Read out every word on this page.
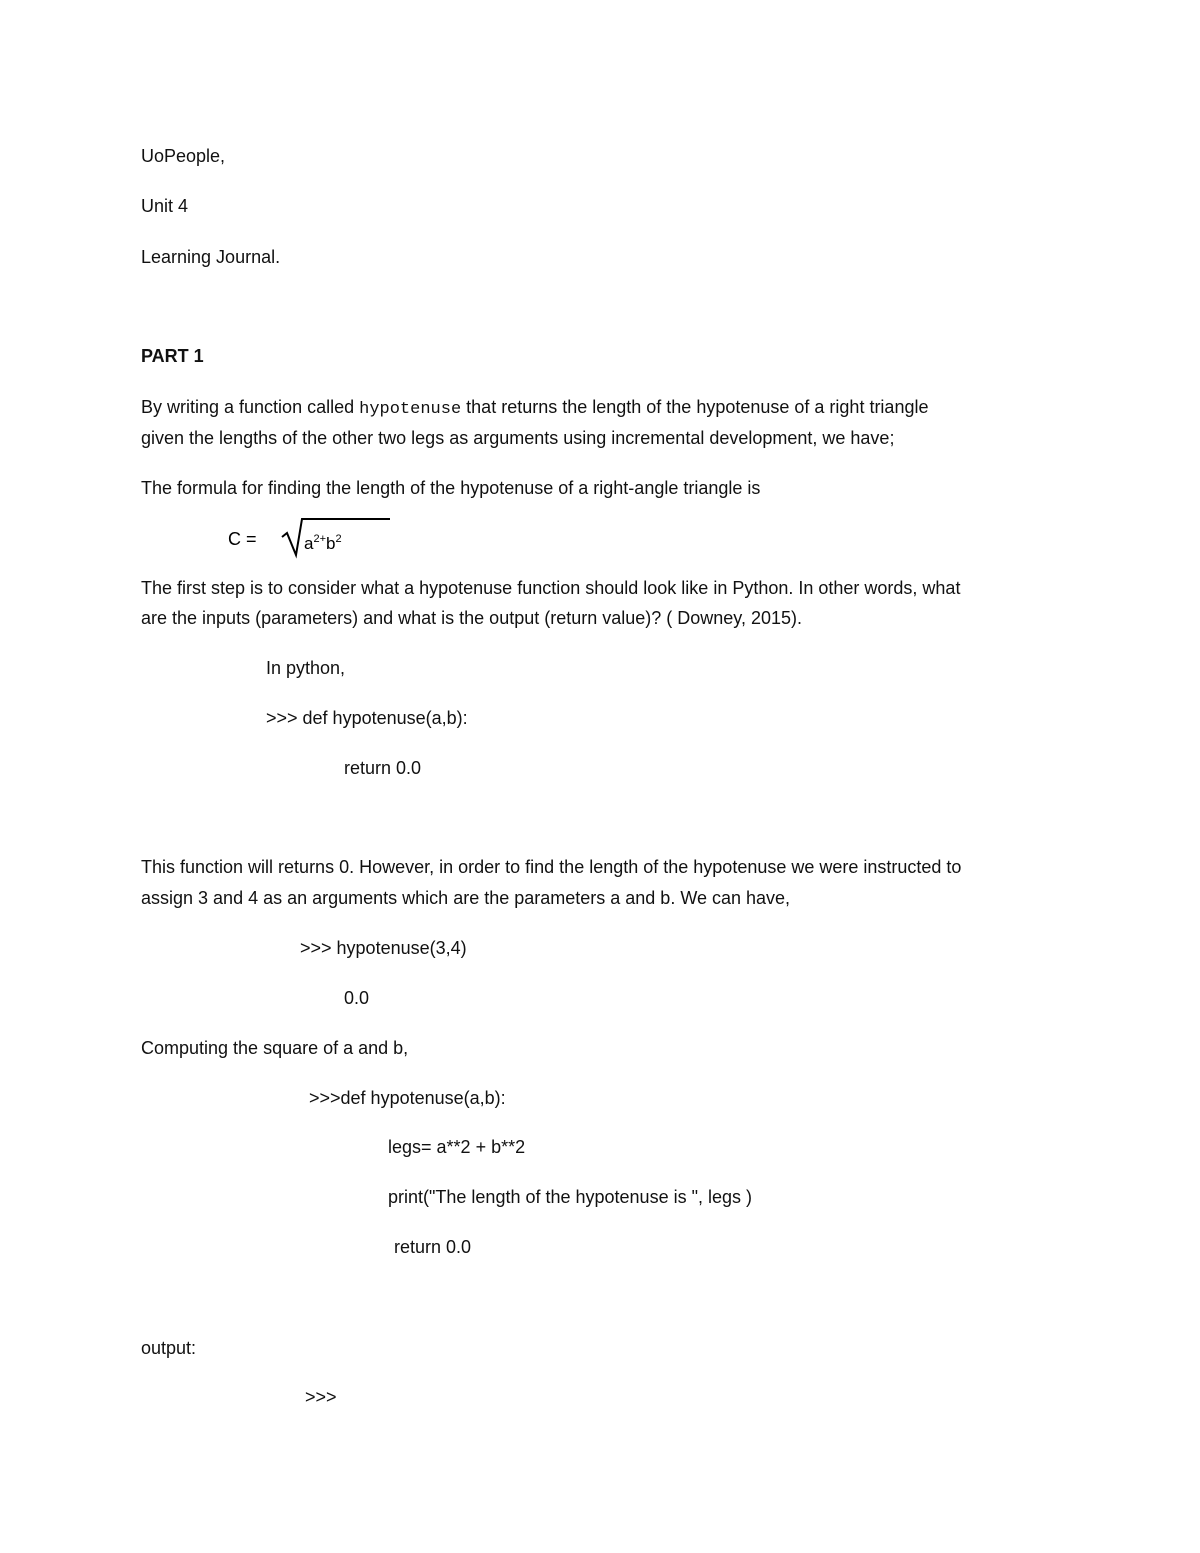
UoPeople,
Unit 4
Learning Journal.
PART 1
By writing a function called hypotenuse that returns the length of the hypotenuse of a right triangle
given the lengths of the other two legs as arguments using incremental development, we have;
The formula for finding the length of the hypotenuse of a right-angle triangle is
C =	$a^{2+}b^2$
The first step is to consider what a hypotenuse function should look like in Python. In other words, what
are the inputs (parameters) and what is the output (return value)? ( Downey, 2015).
In python,
>>> def hypotenuse(a,b):
return 0.0
This function will returns 0. However, in order to find the length of the hypotenuse we were instructed to
assign 3 and 4 as an arguments which are the parameters a and b. We can have,
>>> hypotenuse(3,4)
0.0
Computing the square of a and b,
>>>def hypotenuse(a,b):
legs= a**2 + b**2
print("The length of the hypotenuse is ", legs )
return 0.0
output:
>>>
